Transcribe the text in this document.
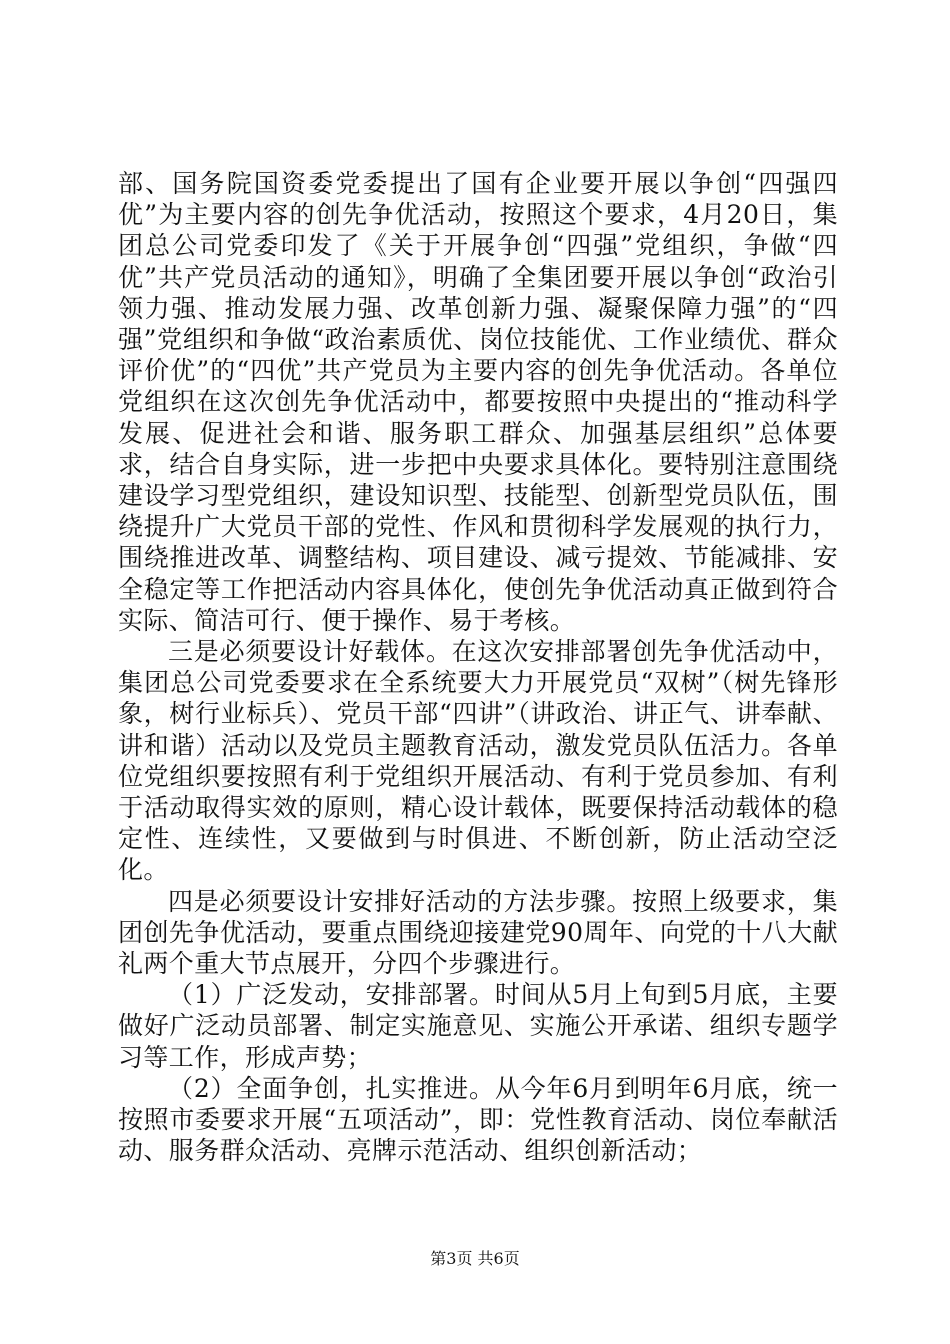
部、国务院国资委党委提出了国有企业要开展以争创“四强四优”为主要内容的创先争优活动，按照这个要求，4月20日，集团总公司党委印发了《关于开展争创“四强”党组织，争做“四优”共产党员活动的通知》，明确了全集团要开展以争创“政治引领力强、推动发展力强、改革创新力强、凝聚保障力强”的“四强”党组织和争做“政治素质优、岗位技能优、工作业绩优、群众评价优”的“四优”共产党员为主要内容的创先争优活动。各单位党组织在这次创先争优活动中，都要按照中央提出的“推动科学发展、促进社会和谐、服务职工群众、加强基层组织”总体要求，结合自身实际，进一步把中央要求具体化。要特别注意围绕建设学习型党组织，建设知识型、技能型、创新型党员队伍，围绕提升广大党员干部的党性、作风和贯彻科学发展观的执行力，围绕推进改革、调整结构、项目建设、减亏提效、节能减排、安全稳定等工作把活动内容具体化，使创先争优活动真正做到符合实际、简洁可行、便于操作、易于考核。

三是必须要设计好载体。在这次安排部署创先争优活动中，集团总公司党委要求在全系统要大力开展党员“双树”（树先锋形象，树行业标兵）、党员干部“四讲”（讲政治、讲正气、讲奉献、讲和谐）活动以及党员主题教育活动，激发党员队伍活力。各单位党组织要按照有利于党组织开展活动、有利于党员参加、有利于活动取得实效的原则，精心设计载体，既要保持活动载体的稳定性、连续性，又要做到与时俱进、不断创新，防止活动空泛化。

四是必须要设计安排好活动的方法步骤。按照上级要求，集团创先争优活动，要重点围绕迎接建党90周年、向党的十八大献礼两个重大节点展开，分四个步骤进行。

（1）广泛发动，安排部署。时间从5月上旬到5月底，主要做好广泛动员部署、制定实施意见、实施公开承诺、组织专题学习等工作，形成声势；

（2）全面争创，扎实推进。从今年6月到明年6月底，统一按照市委要求开展“五项活动”，即：党性教育活动、岗位奉献活动、服务群众活动、亮牌示范活动、组织创新活动；

第3页 共6页
